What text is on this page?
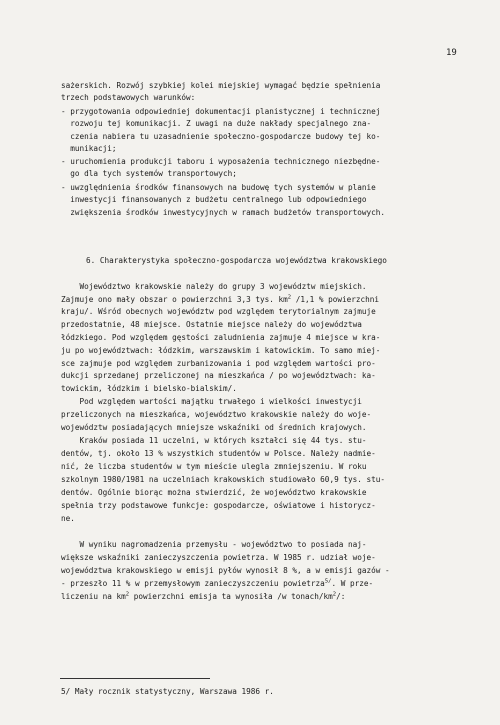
19
sażerskich. Rozwój szybkiej kolei miejskiej wymagać będzie spełnienia
trzech podstawowych warunków:
- przygotowania odpowiedniej dokumentacji planistycznej i technicznej
rozwoju tej komunikacji. Z uwagi na duże nakłady specjalnego zna-
czenia nabiera tu uzasadnienie społeczno-gospodarcze budowy tej ko-
munikacji;
- uruchomienia produkcji taboru i wyposażenia technicznego niezbędne-
go dla tych systemów transportowych;
- uwzględnienia środków finansowych na budowę tych systemów w planie
inwestycji finansowanych z budżetu centralnego lub odpowiedniego
zwiększenia środków inwestycyjnych w ramach budżetów transportowych.
6. Charakterystyka społeczno-gospodarcza województwa krakowskiego
Województwo krakowskie należy do grupy 3 województw miejskich.
Zajmuje ono mały obszar o powierzchni 3,3 tys. $km^2$ /1,1 % powierzchni
kraju/. Wśród obecnych województw pod względem terytorialnym zajmuje
przedostatnie, 48 miejsce. Ostatnie miejsce należy do województwa
łódzkiego. Pod względem gęstości zaludnienia zajmuje 4 miejsce w kra-
ju po województwach: łódzkim, warszawskim i katowickim. To samo miej-
sce zajmuje pod względem zurbanizowania i pod względem wartości pro-
dukcji sprzedanej przeliczonej na mieszkańca / po województwach: ka-
towickim, łódzkim i bielsko-bialskim/.
Pod względem wartości majątku trwałego i wielkości inwestycji
przeliczonych na mieszkańca, województwo krakowskie należy do woje-
województw posiadających mniejsze wskaźniki od średnich krajowych.
Kraków posiada 11 uczelni, w których kształci się 44 tys. stu-
dentów, tj. około 13 % wszystkich studentów w Polsce. Należy nadmie-
nić, że liczba studentów w tym mieście ulegla zmniejszeniu. W roku
szkolnym 1980/1981 na uczelniach krakowskich studiowało 60,9 tys. stu-
dentów. Ogólnie biorąc można stwierdzić, że województwo krakowskie
spełnia trzy podstawowe funkcje: gospodarcze, oświatowe i historycz-
ne.
W wyniku nagromadzenia przemysłu - województwo to posiada naj-
większe wskaźniki zanieczyszczenia powietrza. W 1985 r. udział woje-
województwa krakowskiego w emisji pyłów wynosił 8 %, a w emisji gazów -
- przeszło 11 % w przemysłowym zanieczyszczeniu powietrza$^{5/}$. W prze-
liczeniu na $km^2$ powierzchni emisja ta wynosiła /w tonach/$km^2/$:
5/ Mały rocznik statystyczny, Warszawa 1986 r.
